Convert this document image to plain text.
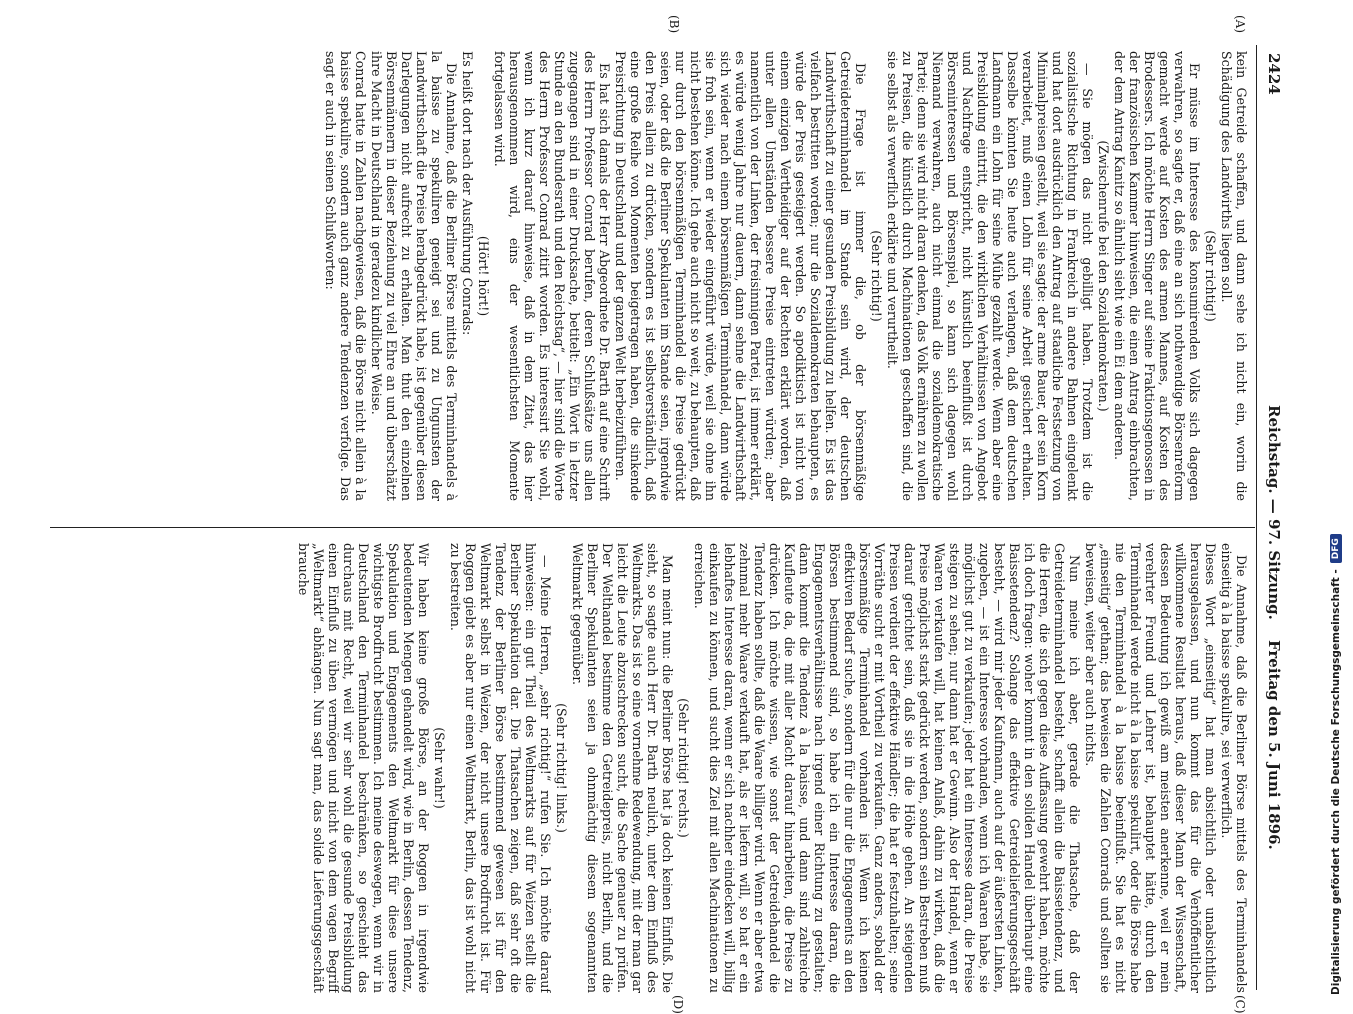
2424
Reichstag. — 97. Sitzung.
Freitag den 5. Juni 1896.
(A)
(B)
(C)
(D)

kein Getreide schaffen, und dann sehe ich nicht ein, worin die Schädigung des Landwirths liegen soll.

(Sehr richtig!)

Er müsse im Interesse des konsumirenden Volks sich dagegen verwahren, so sagte er, daß eine an sich nothwendige Börsenreform gemacht werde auf Kosten des armen Mannes, auf Kosten des Brodessers. Ich möchte Herrn Singer auf seine Fraktionsgenossen in der französischen Kammer hinweisen, die einen Antrag einbrachten, der dem Antrag Kanitz so ähnlich sieht wie ein Ei dem anderen.

(Zwischenrufe bei den Sozialdemokraten.)

— Sie mögen das nicht gebilligt haben. Trotzdem ist die sozialistische Richtung in Frankreich in andere Bahnen eingelenkt und hat dort ausdrücklich den Antrag auf staatliche Festsetzung von Minimalpreisen gestellt, weil sie sagte: der arme Bauer, der sein Korn verarbeitet, muß einen Lohn für seine Arbeit gesichert erhalten. Dasselbe könnten Sie heute auch verlangen, daß dem deutschen Landmann ein Lohn für seine Mühe gezahlt werde. Wenn aber eine Preisbildung eintritt, die den wirklichen Verhältnissen von Angebot und Nachfrage entspricht, nicht künstlich beeinflußt ist durch Börseninteressen und Börsenspiel, so kann sich dagegen wohl Niemand verwahren, auch nicht einmal die sozialdemokratische Partei; denn sie wird nicht daran denken, das Volk ernähren zu wollen zu Preisen, die künstlich durch Machinationen geschaffen sind, die sie selbst als verwerflich erklärte und verurtheilt.

(Sehr richtig!)

Die Frage ist immer die, ob der börsenmäßige Getreideterminhandel im Stande sein wird, der deutschen Landwirthschaft zu einer gesunden Preisbildung zu helfen. Es ist das vielfach bestritten worden; nur die Sozialdemokraten behaupten, es würde der Preis gesteigert werden. So apodiktisch ist nicht von einem einzigen Vertheidiger auf der Rechten erklärt worden, daß unter allen Umständen bessere Preise eintreten würden; aber namentlich von der Linken, der freisinnigen Partei, ist immer erklärt, es würde wenig Jahre nur dauern, dann sehne die Landwirthschaft sich wieder nach einem börsenmäßigen Terminhandel, dann würde sie froh sein, wenn er wieder eingeführt würde, weil sie ohne ihn nicht bestehen könne. Ich gehe auch nicht so weit, zu behaupten, daß nur durch den börsenmäßigen Terminhandel die Preise gedrückt seien, oder daß die Berliner Spekulanten im Stande seien, irgendwie den Preis allein zu drücken, sondern es ist selbstverständlich, daß eine große Reihe von Momenten beigetragen haben, die sinkende Preisrichtung in Deutschland und der ganzen Welt herbeizuführen.

Es hat sich damals der Herr Abgeordnete Dr. Barth auf eine Schrift des Herrn Professor Conrad berufen, deren Schlußsätze uns allen zugegangen sind in einer Drucksache, betitelt: „Ein Wort in letzter Stunde an den Bundesrath und den Reichstag“, — hier sind die Worte des Herrn Professor Conrad zitirt worden. Es interessirt Sie wohl, wenn ich kurz darauf hinweise, daß in dem Zitat, das hier herausgenommen wird, eins der wesentlichsten Momente fortgelassen wird.

(Hört! hört!)

Es heißt dort nach der Ausführung Conrads:

Die Annahme, daß die Berliner Börse mittels des Terminhandels à la baisse zu spekuliren geneigt sei und zu Ungunsten der Landwirthschaft die Preise herabgedrückt habe, ist gegenüber diesen Darlegungen nicht aufrecht zu erhalten. Man thut den einzelnen Börsenmännern in dieser Beziehung zu viel Ehre an und überschätzt ihre Macht in Deutschland in geradezu kindlicher Weise.

Conrad hatte in Zahlen nachgewiesen, daß die Börse nicht allein à la baisse spekulire, sondern auch ganz andere Tendenzen verfolge. Das sagt er auch in seinen Schlußworten:

Die Annahme, daß die Berliner Börse mittels des Terminhandels einseitig à la baisse spekulire, sei verwerflich.

Dieses Wort „einseitig“ hat man absichtlich oder unabsichtlich herausgelassen, und nun kommt das für die Verhöffentlicher willkommene Resultat heraus, daß dieser Mann der Wissenschaft, dessen Bedeutung ich gewiß am meisten anerkenne, weil er mein verehrter Freund und Lehrer ist, behauptet hätte, durch den Terminhandel werde nicht à la baisse spekulirt, oder die Börse habe nie den Terminhandel à la baisse beeinflußt. Sie hat es nicht „einseitig“ gethan; das beweisen die Zahlen Conrads und sollten sie beweisen, weiter aber auch nichts.

Nun meine ich aber, gerade die Thatsache, daß der Getreideterminhandel besteht, schafft allein die Baissetendenz, und die Herren, die sich gegen diese Auffassung gewehrt haben, möchte ich doch fragen: woher kommt in den soliden Handel überhaupt eine Baissetendenz? Solange das effektive Getreidelieferungsgeschäft besteht, — wird mir jeder Kaufmann, auch auf der äußersten Linken, zugeben, — ist ein Interesse vorhanden, wenn ich Waaren habe, sie möglichst gut zu verkaufen; jeder hat ein Interesse daran, die Preise steigen zu sehen; nur dann hat er Gewinn. Also der Handel, wenn er Waaren verkaufen will, hat keinen Anlaß, dahin zu wirken, daß die Preise möglichst stark gedrückt werden, sondern sein Bestreben muß darauf gerichtet sein, daß sie in die Höhe gehen. An steigenden Preisen verdient der effektive Händler; die hat er festzuhalten; seine Vorräthe sucht er mit Vortheil zu verkaufen. Ganz anders, sobald der börsenmäßige Terminhandel vorhanden ist. Wenn ich keinen effektiven Bedarf suche, sondern für die nur die Engagements an den Börsen bestimmend sind, so habe ich ein Interesse daran, die Engagementsverhältnisse nach irgend einer Richtung zu gestalten; dann kommt die Tendenz à la baisse, und dann sind zahlreiche Kaufleute da, die mit aller Macht darauf hinarbeiten, die Preise zu drücken. Ich möchte wissen, wie sonst der Getreidehandel die Tendenz haben sollte, daß die Waare billiger wird. Wenn er aber etwa zehnmal mehr Waare verkauft hat, als er liefern will, so hat er ein lebhaftes Interesse daran, wenn er sich nachher eindecken will, billig einkaufen zu können, und sucht dies Ziel mit allen Machinationen zu erreichen.

(Sehr richtig! rechts.)

Man meint nun: die Berliner Börse hat ja doch keinen Einfluß. Die sieht, so sagte auch Herr Dr. Barth neulich, unter dem Einfluß des Weltmarkts. Das ist so eine vornehme Redewendung, mit der man gar leicht die Leute abzuschrecken sucht, die Sache genauer zu prüfen. Der Welthandel bestimme den Getreidepreis, nicht Berlin, und die Berliner Spekulanten seien ja ohnmächtig diesem sogenannten Weltmarkt gegenüber.

(Sehr richtig! links.)

— Meine Herren, „sehr richtig!“ rufen Sie. Ich möchte darauf hinweisen: ein gut Theil des Weltmarkts auf für Weizen stellt die Berliner Spekulation dar. Die Thatsachen zeigen, daß sehr oft die Tendenz der Berliner Börse bestimmend gewesen ist für den Weltmarkt selbst in Weizen, der nicht unsere Brodfrucht ist. Für Roggen giebt es aber nur einen Weltmarkt, Berlin, das ist wohl nicht zu bestreiten.

(Sehr wahr!)

Wir haben keine große Börse, an der Roggen in irgendwie bedeutenden Mengen gehandelt wird, wie in Berlin, dessen Tendenz, Spekulation und Engagements den Weltmarkt für diese unsere wichtigste Brodfrucht bestimmen. Ich meine deswegen, wenn wir in Deutschland den Terminhandel beschränken, so geschieht das durchaus mit Recht, weil wir sehr wohl die gesunde Preisbildung einen Einfluß zu üben vermögen und nicht von dem vagen Begriff „Weltmarkt“ abhängen. Nun sagt man, das solide Lieferungsgeschäft brauche

Digitalisierung gefördert durch die Deutsche Forschungsgemeinschaft -
DFG
